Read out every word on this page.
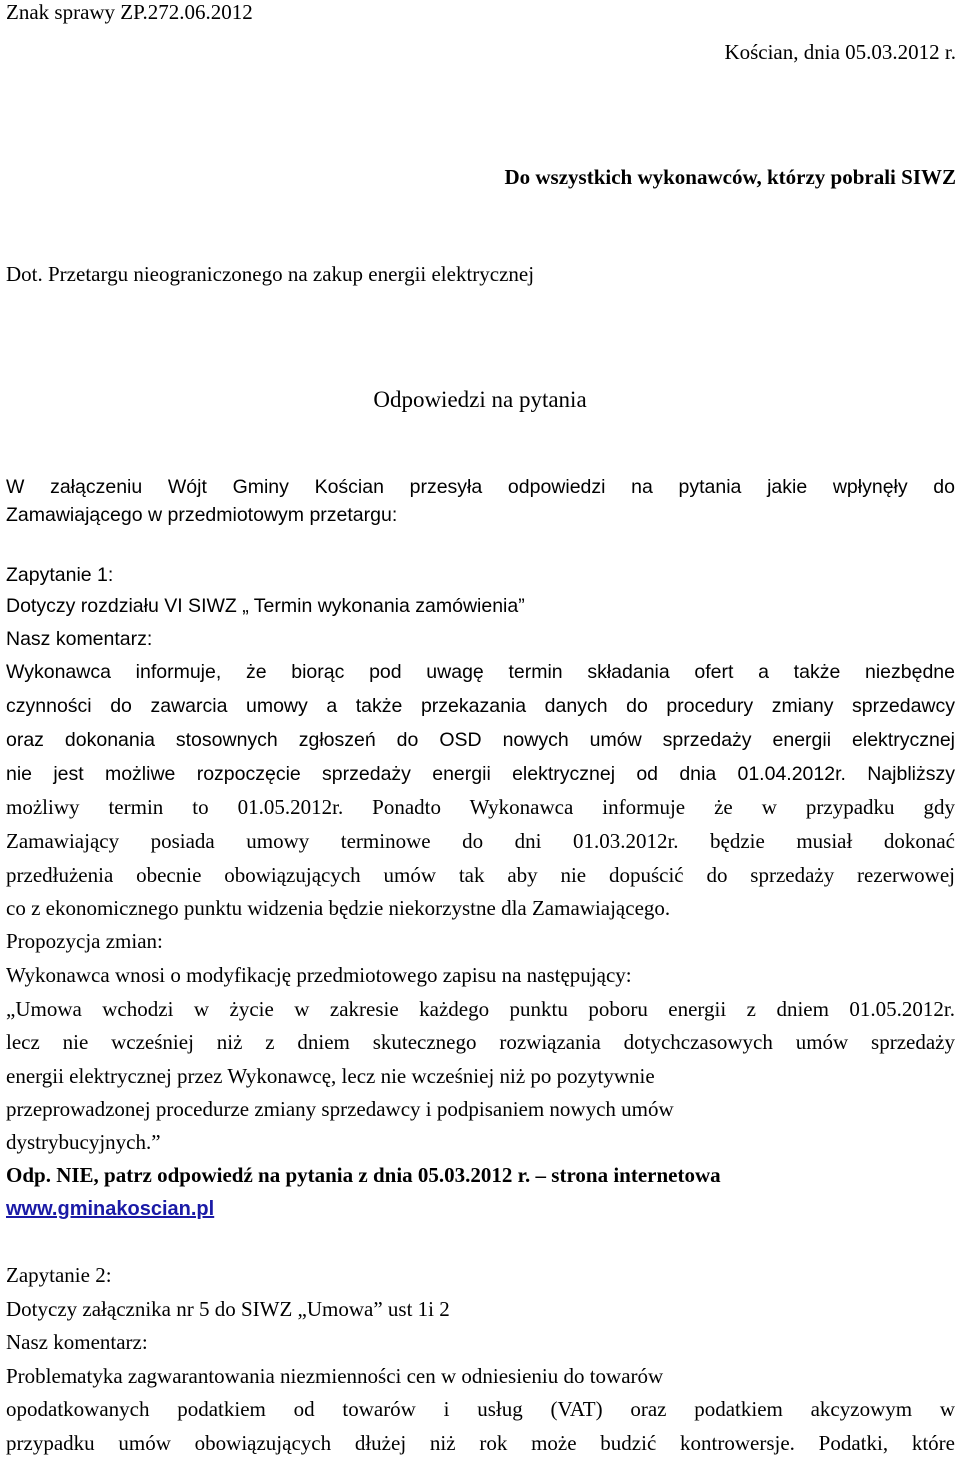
Znak sprawy ZP.272.06.2012
Kościan, dnia 05.03.2012 r.
Do wszystkich wykonawców, którzy pobrali SIWZ
Dot. Przetargu nieograniczonego na zakup energii elektrycznej
Odpowiedzi na pytania
W załączeniu Wójt Gminy Kościan przesyła odpowiedzi na pytania jakie wpłynęły do
Zamawiającego w przedmiotowym przetargu:
Zapytanie 1:
Dotyczy rozdziału VI SIWZ „ Termin wykonania zamówienia”
Nasz komentarz:
Wykonawca informuje, że biorąc pod uwagę termin składania ofert a także niezbędne
czynności do zawarcia umowy a także przekazania danych do procedury zmiany sprzedawcy
oraz dokonania stosownych zgłoszeń do OSD nowych umów sprzedaży energii elektrycznej
nie jest możliwe rozpoczęcie sprzedaży energii elektrycznej od dnia 01.04.2012r. Najbliższy
możliwy termin to 01.05.2012r. Ponadto Wykonawca informuje że w przypadku gdy
Zamawiający posiada umowy terminowe do dni 01.03.2012r. będzie musiał dokonać
przedłużenia obecnie obowiązujących umów tak aby nie dopuścić do sprzedaży rezerwowej
co z ekonomicznego punktu widzenia będzie niekorzystne dla Zamawiającego.
Propozycja zmian:
Wykonawca wnosi o modyfikację przedmiotowego zapisu na następujący:
„Umowa wchodzi w życie w zakresie każdego punktu poboru energii z dniem 01.05.2012r.
lecz nie wcześniej niż z dniem skutecznego rozwiązania dotychczasowych umów sprzedaży
energii elektrycznej przez Wykonawcę, lecz nie wcześniej niż po pozytywnie
przeprowadzonej procedurze zmiany sprzedawcy i podpisaniem nowych umów
dystrybucyjnych.”
Odp. NIE, patrz odpowiedź na pytania z dnia 05.03.2012 r. – strona internetowa
www.gminakoscian.pl
Zapytanie 2:
Dotyczy załącznika nr 5 do SIWZ „Umowa” ust 1i 2
Nasz komentarz:
Problematyka zagwarantowania niezmienności cen w odniesieniu do towarów
opodatkowanych podatkiem od towarów i usług (VAT) oraz podatkiem akcyzowym w
przypadku umów obowiązujących dłużej niż rok może budzić kontrowersje. Podatki, które
